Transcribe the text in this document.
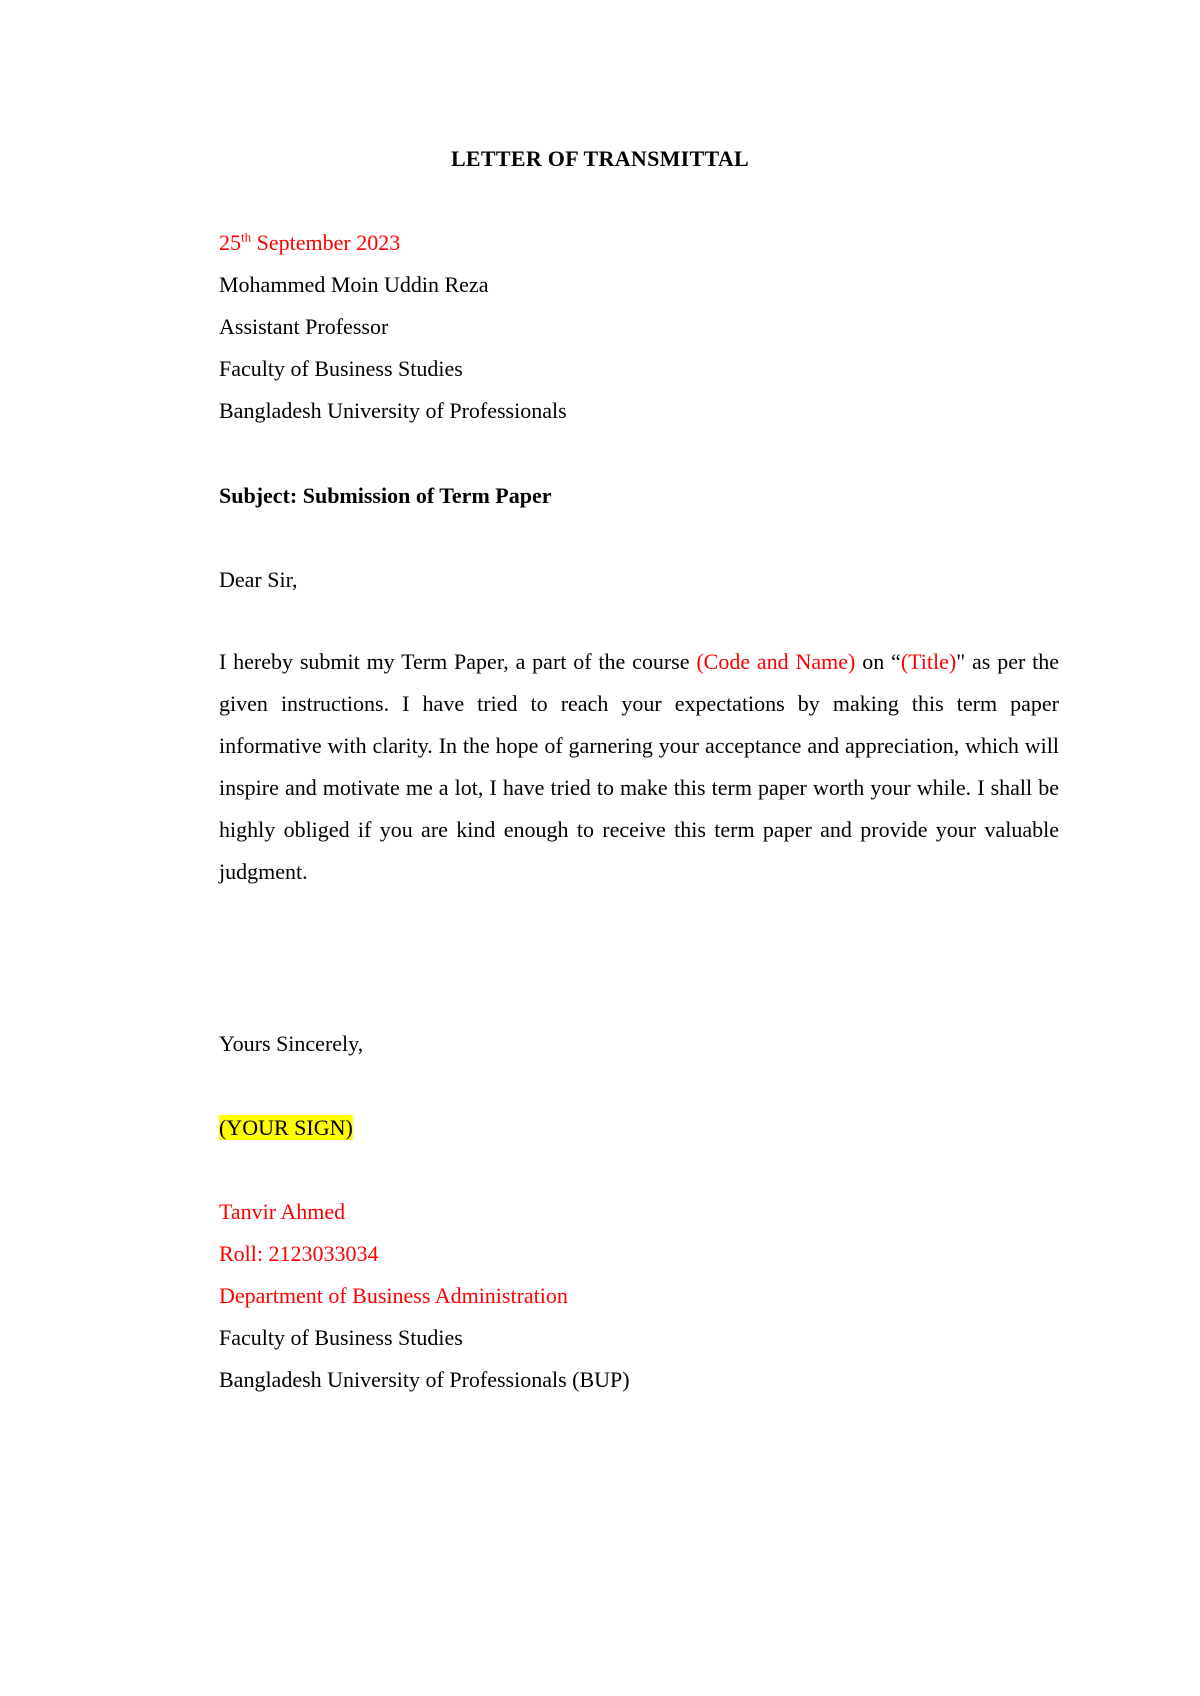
LETTER OF TRANSMITTAL
25th September 2023
Mohammed Moin Uddin Reza
Assistant Professor
Faculty of Business Studies
Bangladesh University of Professionals
Subject: Submission of Term Paper
Dear Sir,
I hereby submit my Term Paper, a part of the course (Code and Name) on “(Title)" as per the given instructions. I have tried to reach your expectations by making this term paper informative with clarity. In the hope of garnering your acceptance and appreciation, which will inspire and motivate me a lot, I have tried to make this term paper worth your while. I shall be highly obliged if you are kind enough to receive this term paper and provide your valuable judgment.
Yours Sincerely,
(YOUR SIGN)
Tanvir Ahmed
Roll: 2123033034
Department of Business Administration
Faculty of Business Studies
Bangladesh University of Professionals (BUP)
